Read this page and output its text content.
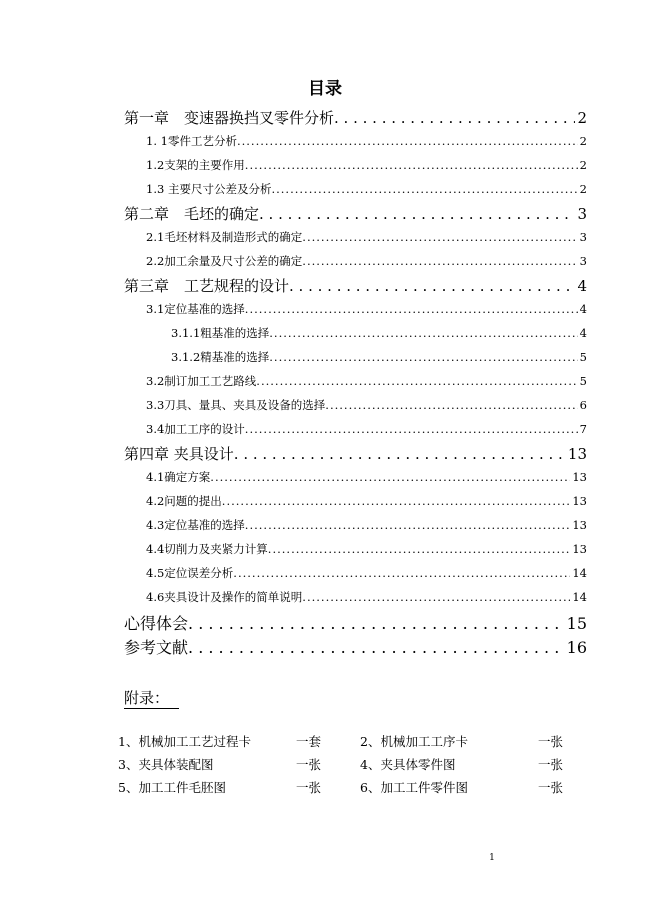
目录
第一章　变速器换挡叉零件分析 . . .	2
1. 1零件工艺分析 .....	2
1.2支架的主要作用 .....	2
1.3 主要尺寸公差及分析 .....	2
第二章　毛坯的确定 . . .	3
2.1毛坯材料及制造形式的确定 .....	3
2.2加工余量及尺寸公差的确定 .....	3
第三章　工艺规程的设计 . . .	4
3.1定位基准的选择 .....	4
3.1.1粗基准的选择 .....	4
3.1.2精基准的选择 .....	5
3.2制订加工工艺路线 .....	5
3.3刀具、量具、夹具及设备的选择 .....	6
3.4加工工序的设计 .....	7
第四章 夹具设计 . . .	13
4.1确定方案 .....	13
4.2问题的提出 .....	13
4.3定位基准的选择 .....	13
4.4切削力及夹紧力计算 .....	13
4.5定位误差分析 .....	14
4.6夹具设计及操作的简单说明 .....	14
心得体会 . . .	15
参考文献 . . .	16
附录：
1、机械加工工艺过程卡	一套	2、机械加工工序卡	一张
3、夹具体装配图	一张	4、夹具体零件图	一张
5、加工工件毛胚图	一张	6、加工工件零件图	一张
1
